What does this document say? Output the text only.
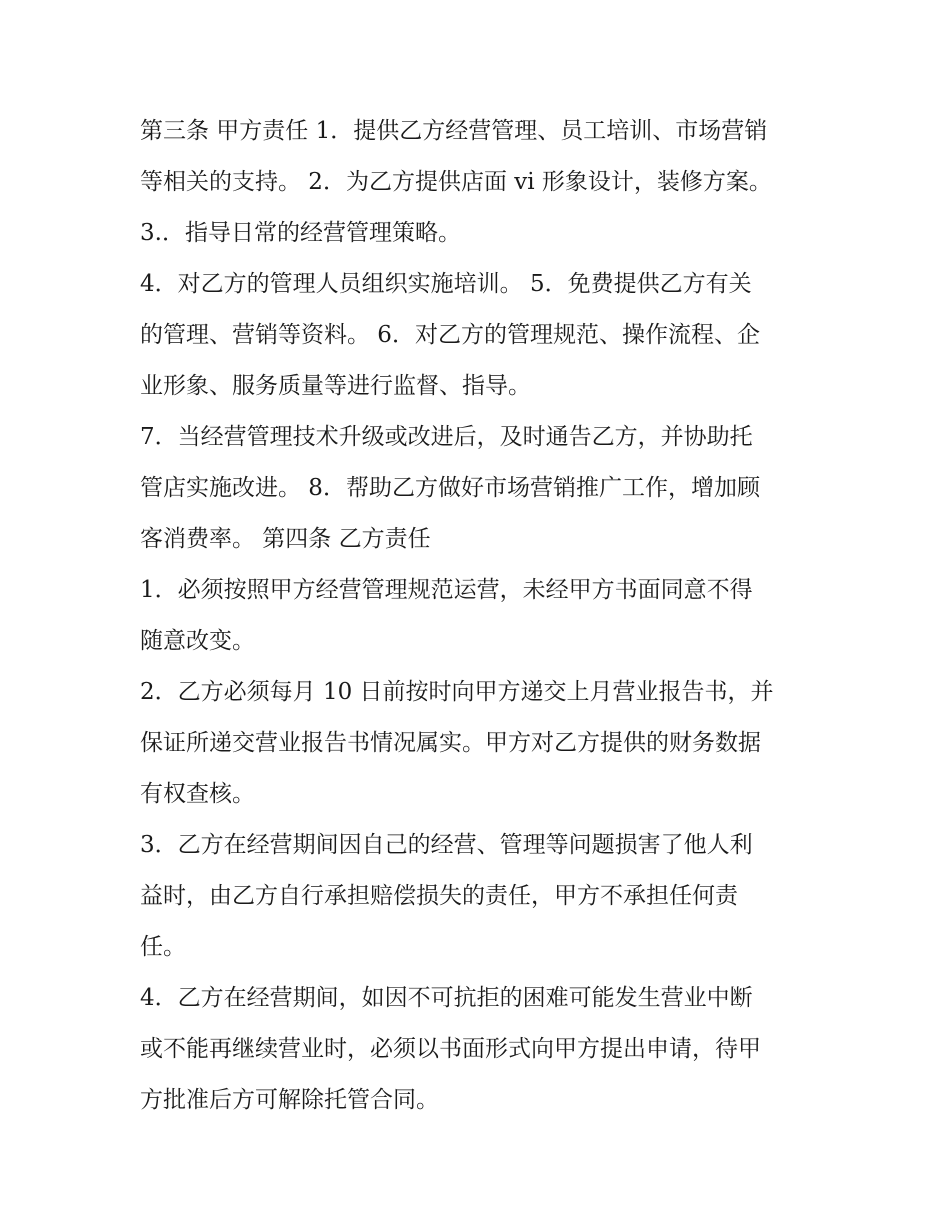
第三条 甲方责任 1．提供乙方经营管理、员工培训、市场营销
等相关的支持。 2．为乙方提供店面 vi 形象设计，装修方案。
3.．指导日常的经营管理策略。
4．对乙方的管理人员组织实施培训。 5．免费提供乙方有关
的管理、营销等资料。 6．对乙方的管理规范、操作流程、企
业形象、服务质量等进行监督、指导。
7．当经营管理技术升级或改进后，及时通告乙方，并协助托
管店实施改进。 8．帮助乙方做好市场营销推广工作，增加顾
客消费率。 第四条 乙方责任
1．必须按照甲方经营管理规范运营，未经甲方书面同意不得
随意改变。
2．乙方必须每月 10 日前按时向甲方递交上月营业报告书，并
保证所递交营业报告书情况属实。甲方对乙方提供的财务数据
有权查核。
3．乙方在经营期间因自己的经营、管理等问题损害了他人利
益时，由乙方自行承担赔偿损失的责任，甲方不承担任何责
任。
4．乙方在经营期间，如因不可抗拒的困难可能发生营业中断
或不能再继续营业时，必须以书面形式向甲方提出申请，待甲
方批准后方可解除托管合同。
